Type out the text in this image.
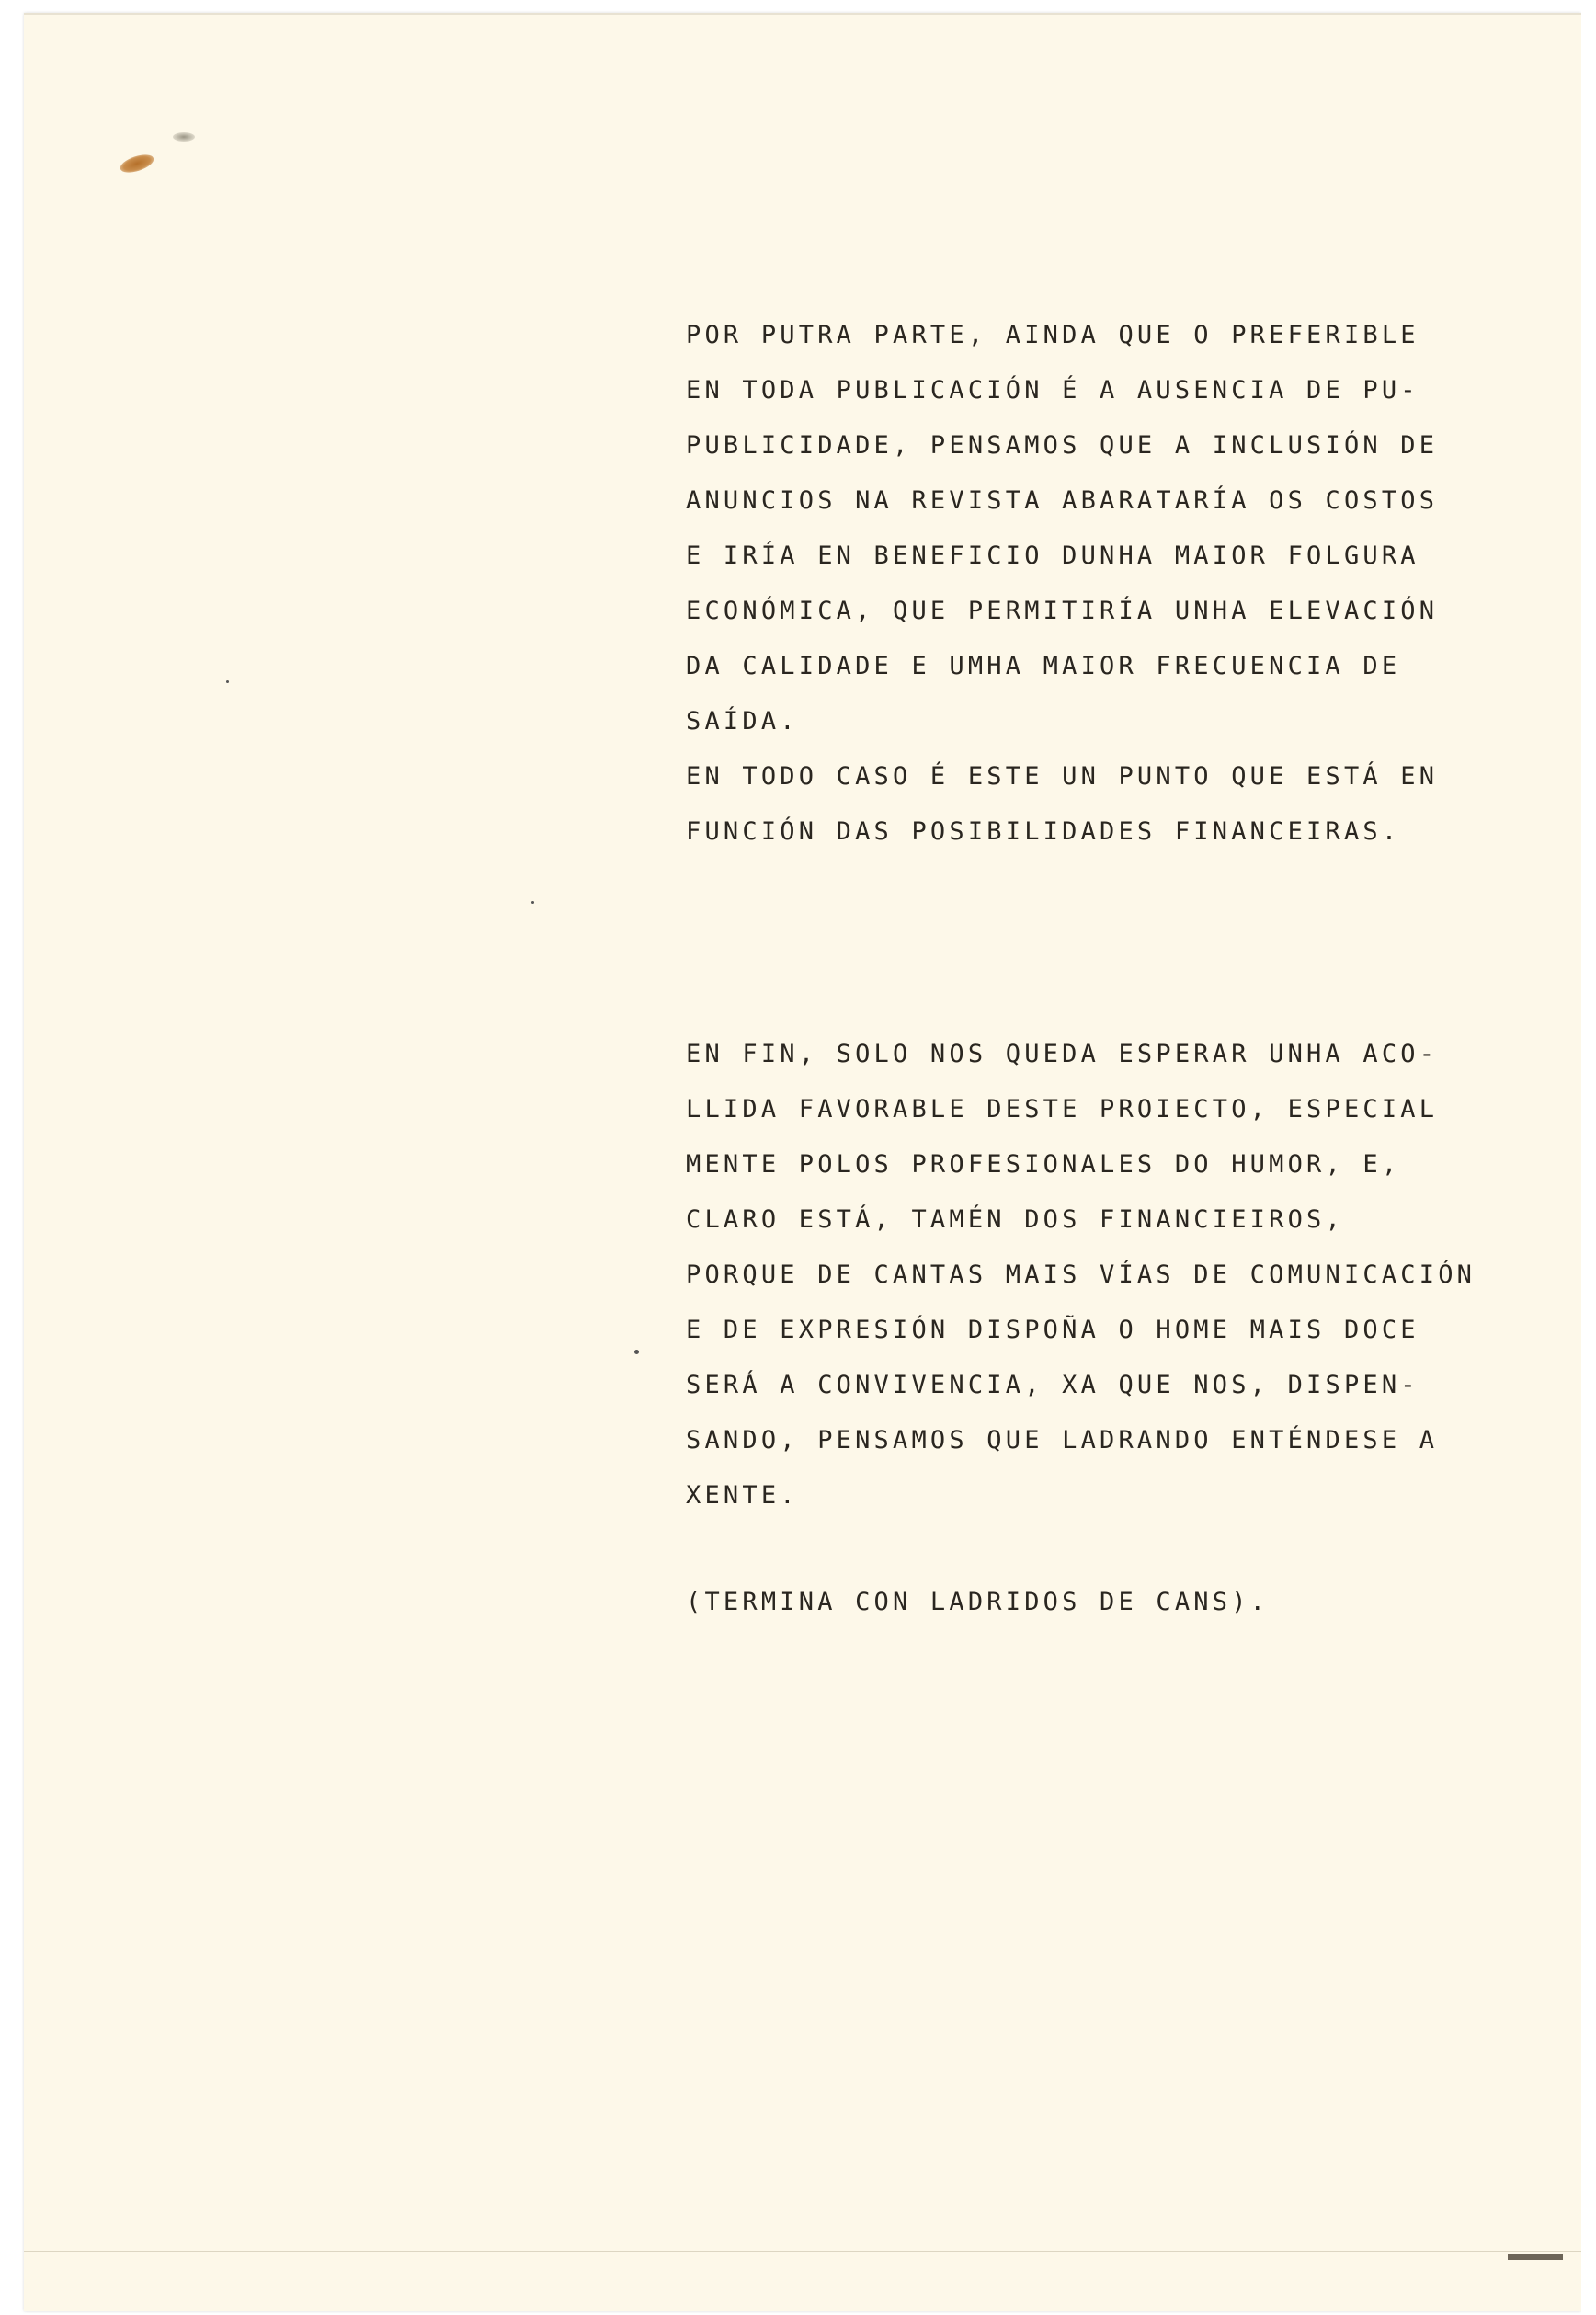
POR PUTRA PARTE, AINDA QUE O PREFERIBLE
EN TODA PUBLICACIÓN É A AUSENCIA DE PU-
PUBLICIDADE, PENSAMOS QUE A INCLUSIÓN DE
ANUNCIOS NA REVISTA ABARATARÍA OS COSTOS
E IRÍA EN BENEFICIO DUNHA MAIOR FOLGURA
ECONÓMICA, QUE PERMITIRÍA UNHA ELEVACIÓN
DA CALIDADE E UMHA MAIOR FRECUENCIA DE
SAÍDA.
EN TODO CASO É ESTE UN PUNTO QUE ESTÁ EN
FUNCIÓN DAS POSIBILIDADES FINANCEIRAS.
EN FIN, SOLO NOS QUEDA ESPERAR UNHA ACO-
LLIDA FAVORABLE DESTE PROIECTO, ESPECIAL
MENTE POLOS PROFESIONALES DO HUMOR, E,
CLARO ESTÁ, TAMÉN DOS FINANCIEIROS,
PORQUE DE CANTAS MAIS VÍAS DE COMUNICACIÓN
E DE EXPRESIÓN DISPOÑA O HOME MAIS DOCE
SERÁ A CONVIVENCIA, XA QUE NOS, DISPEN-
SANDO, PENSAMOS QUE LADRANDO ENTÉNDESE A
XENTE.
(TERMINA CON LADRIDOS DE CANS).
